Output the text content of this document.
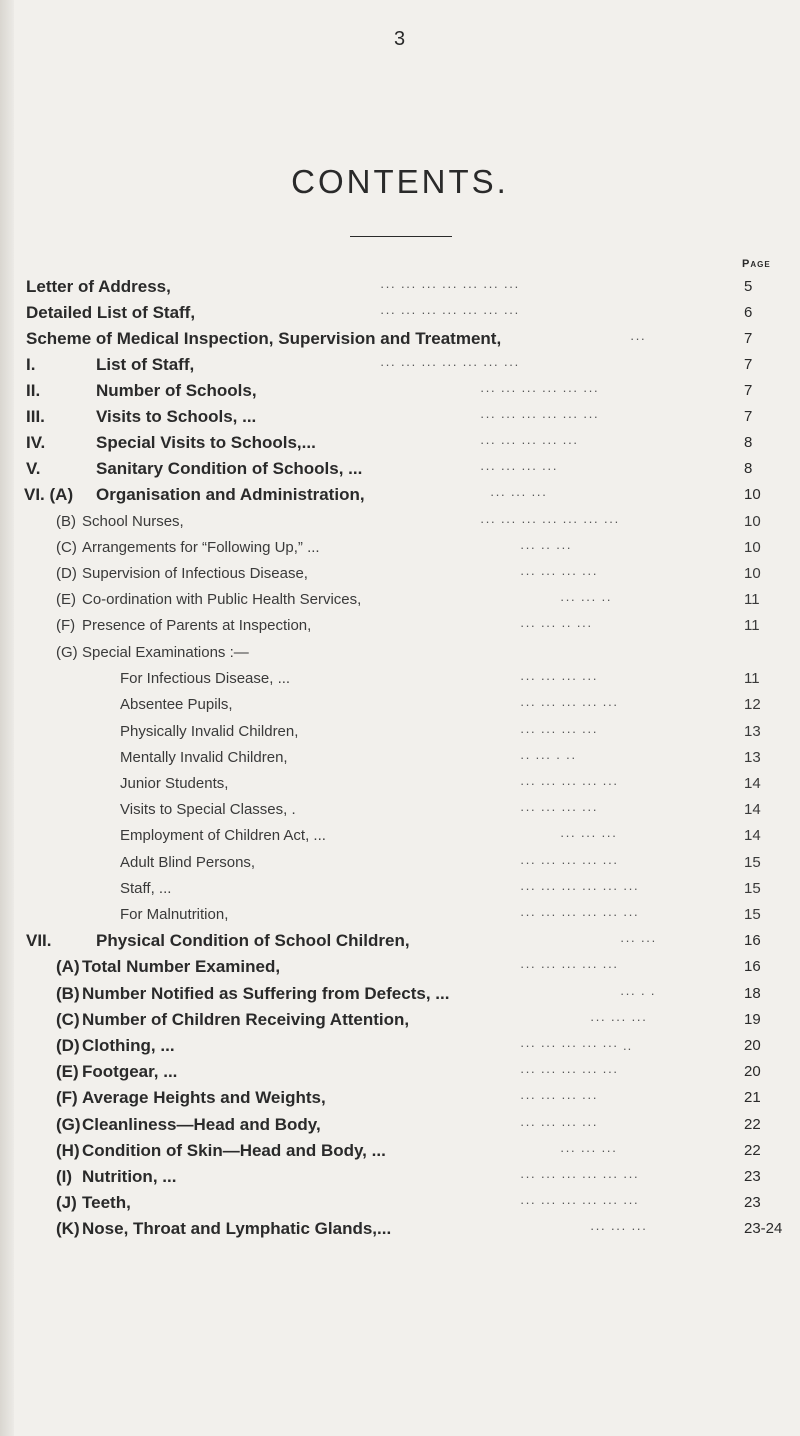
3
CONTENTS.
Page
Letter of Address,	··· ··· ··· ··· ··· ··· ···	5
Detailed List of Staff,	··· ··· ··· ··· ··· ··· ···	6
Scheme of Medical Inspection, Supervision and Treatment,	···	7
I.	List of Staff,	··· ··· ··· ··· ··· ··· ···	7
II.	Number of Schools,	··· ··· ··· ··· ··· ···	7
III.	Visits to Schools, ...	··· ··· ··· ··· ··· ···	7
IV.	Special Visits to Schools,...	··· ··· ··· ··· ···	8
V.	Sanitary Condition of Schools, ...	··· ··· ··· ···	8
VI. (A) Organisation and Administration,	··· ··· ···	10
(B) School Nurses,	··· ··· ··· ··· ··· ··· ···	10
(C) Arrangements for “Following Up,” ...	··· ·· ···	10
(D) Supervision of Infectious Disease,	··· ··· ··· ···	10
(E) Co-ordination with Public Health Services,	··· ··· ··	11
(F) Presence of Parents at Inspection,	··· ··· ·· ···	11
(G) Special Examinations :—
For Infectious Disease, ...	··· ··· ··· ···	11
Absentee Pupils,	··· ··· ··· ··· ···	12
Physically Invalid Children,	··· ··· ··· ···	13
Mentally Invalid Children,	·· ··· · ··	13
Junior Students,	··· ··· ··· ··· ···	14
Visits to Special Classes, .	··· ··· ··· ···	14
Employment of Children Act, ...	··· ··· ···	14
Adult Blind Persons,	··· ··· ··· ··· ···	15
Staff, ...	··· ··· ··· ··· ··· ···	15
For Malnutrition,	··· ··· ··· ··· ··· ···	15
VII.	Physical Condition of School Children,	··· ···	16
(A) Total Number Examined,	··· ··· ··· ··· ···	16
(B) Number Notified as Suffering from Defects, ...	··· · ·	18
(C) Number of Children Receiving Attention,	··· ··· ···	19
(D) Clothing, ...	··· ··· ··· ··· ··· ..	20
(E) Footgear, ...	··· ··· ··· ··· ···	20
(F) Average Heights and Weights,	··· ··· ··· ···	21
(G) Cleanliness—Head and Body,	··· ··· ··· ···	22
(H) Condition of Skin—Head and Body, ...	··· ··· ···	22
(I) Nutrition, ...	··· ··· ··· ··· ··· ···	23
(J) Teeth,	··· ··· ··· ··· ··· ···	23
(K) Nose, Throat and Lymphatic Glands,...	··· ··· ···	23-24
